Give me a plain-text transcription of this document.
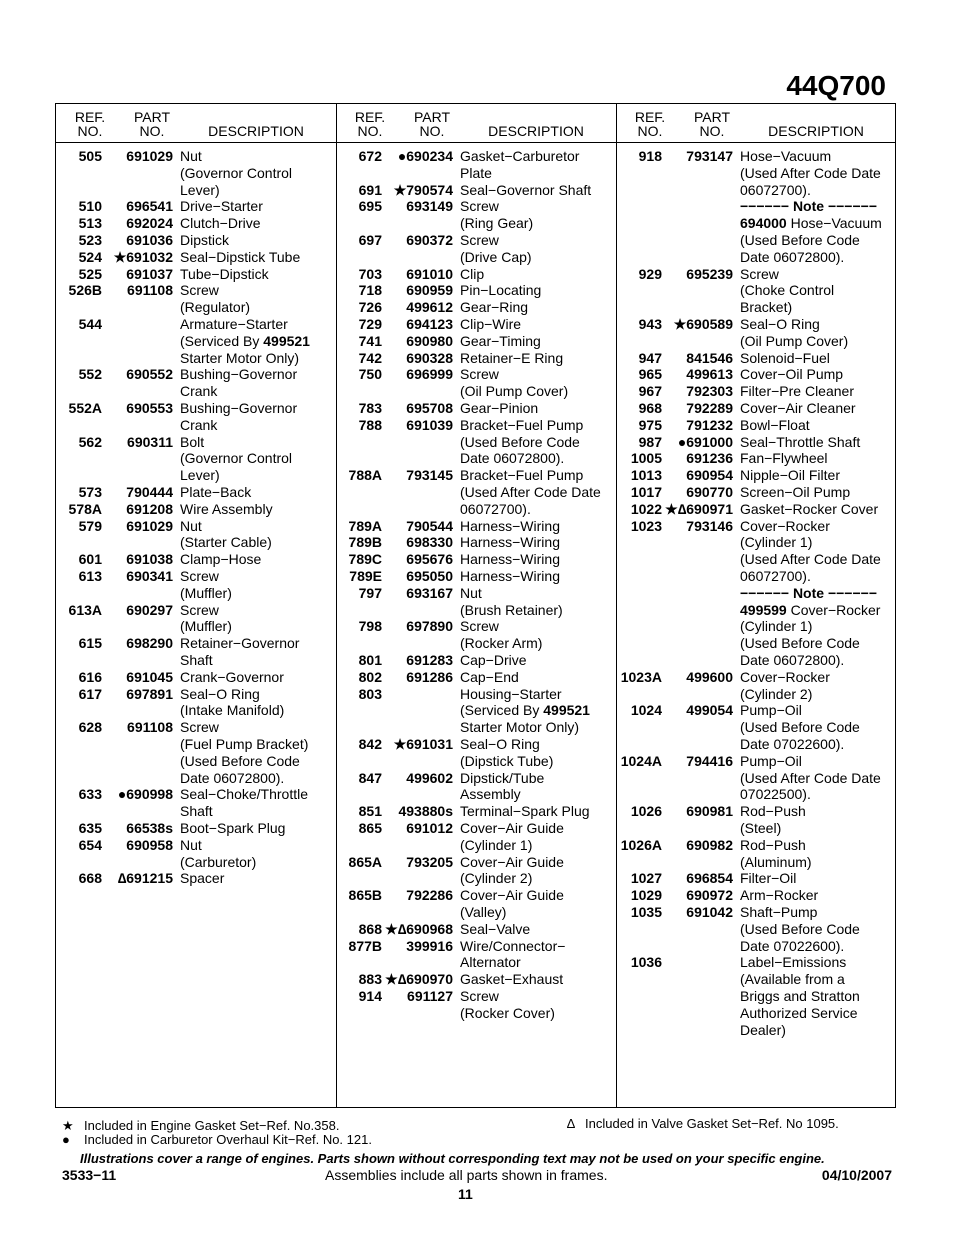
44Q700
REF.
NO.
PART
NO.	DESCRIPTION
505	691029 Nut
(Governor Control
Lever)
510	696541 Drive−Starter
513	692024 Clutch−Drive
523	691036 Dipstick
524 ★691032 Seal−Dipstick Tube
525	691037 Tube−Dipstick
526B	691108 Screw
(Regulator)
544	Armature−Starter
(Serviced By 499521
Starter Motor Only)
552	690552 Bushing−Governor
Crank
552A	690553 Bushing−Governor
Crank
562	690311 Bolt
(Governor Control
Lever)
573	790444 Plate−Back
578A	691208 Wire Assembly
579	691029 Nut
(Starter Cable)
601	691038 Clamp−Hose
613	690341 Screw
(Muffler)
613A	690297 Screw
(Muffler)
615	698290 Retainer−Governor
Shaft
616	691045 Crank−Governor
617	697891 Seal−O Ring
(Intake Manifold)
628	691108 Screw
(Fuel Pump Bracket)
(Used Before Code
Date 06072800).
633	●690998 Seal−Choke/Throttle
Shaft
635	66538s Boot−Spark Plug
654	690958 Nut
(Carburetor)
668	∆691215 Spacer
REF.
NO.
PART
NO.	DESCRIPTION
672	●690234 Gasket−Carburetor
Plate
691 ★790574 Seal−Governor Shaft
695	693149 Screw
(Ring Gear)
697	690372 Screw
(Drive Cap)
703	691010 Clip
718	690959 Pin−Locating
726	499612 Gear−Ring
729	694123 Clip−Wire
741	690980 Gear−Timing
742	690328 Retainer−E Ring
750	696999 Screw
(Oil Pump Cover)
783	695708 Gear−Pinion
788	691039 Bracket−Fuel Pump
(Used Before Code
Date 06072800).
788A	793145 Bracket−Fuel Pump
(Used After Code Date
06072700).
789A	790544 Harness−Wiring
789B	698330 Harness−Wiring
789C	695676 Harness−Wiring
789E	695050 Harness−Wiring
797	693167 Nut
(Brush Retainer)
798	697890 Screw
(Rocker Arm)
801	691283 Cap−Drive
802	691286 Cap−End
803	Housing−Starter
(Serviced By 499521
Starter Motor Only)
842 ★691031 Seal−O Ring
(Dipstick Tube)
847	499602 Dipstick/Tube
Assembly
851	493880s Terminal−Spark Plug
865	691012 Cover−Air Guide
(Cylinder 1)
865A	793205 Cover−Air Guide
(Cylinder 2)
865B	792286 Cover−Air Guide
(Valley)
868 ★∆690968 Seal−Valve
877B	399916 Wire/Connector−
Alternator
883 ★∆690970 Gasket−Exhaust
914	691127 Screw
(Rocker Cover)
REF.
NO.
PART
NO.	DESCRIPTION
918	793147 Hose−Vacuum
(Used After Code Date
06072700).
−−−−−− Note −−−−−−
694000 Hose−Vacuum
(Used Before Code
Date 06072800).
929	695239 Screw
(Choke Control
Bracket)
943 ★690589 Seal−O Ring
(Oil Pump Cover)
947	841546 Solenoid−Fuel
965	499613 Cover−Oil Pump
967	792303 Filter−Pre Cleaner
968	792289 Cover−Air Cleaner
975	791232 Bowl−Float
987	●691000 Seal−Throttle Shaft
1005	691236 Fan−Flywheel
1013	690954 Nipple−Oil Filter
1017	690770 Screen−Oil Pump
1022 ★∆690971 Gasket−Rocker Cover
1023	793146 Cover−Rocker
(Cylinder 1)
(Used After Code Date
06072700).
−−−−−− Note −−−−−−
499599 Cover−Rocker
(Cylinder 1)
(Used Before Code
Date 06072800).
1023A	499600 Cover−Rocker
(Cylinder 2)
1024	499054 Pump−Oil
(Used Before Code
Date 07022600).
1024A	794416 Pump−Oil
(Used After Code Date
07022500).
1026	690981 Rod−Push
(Steel)
1026A	690982 Rod−Push
(Aluminum)
1027	696854 Filter−Oil
1029	690972 Arm−Rocker
1035	691042 Shaft−Pump
(Used Before Code
Date 07022600).
1036	Label−Emissions
(Available from a
Briggs and Stratton
Authorized Service
Dealer)
★ Included in Engine Gasket Set−Ref. No.358.
● Included in Carburetor Overhaul Kit−Ref. No. 121.
∆ Included in Valve Gasket Set−Ref. No 1095.
Illustrations cover a range of engines. Parts shown without corresponding text may not be used on your specific engine.
3533−11	Assemblies include all parts shown in frames.	04/10/2007
11
